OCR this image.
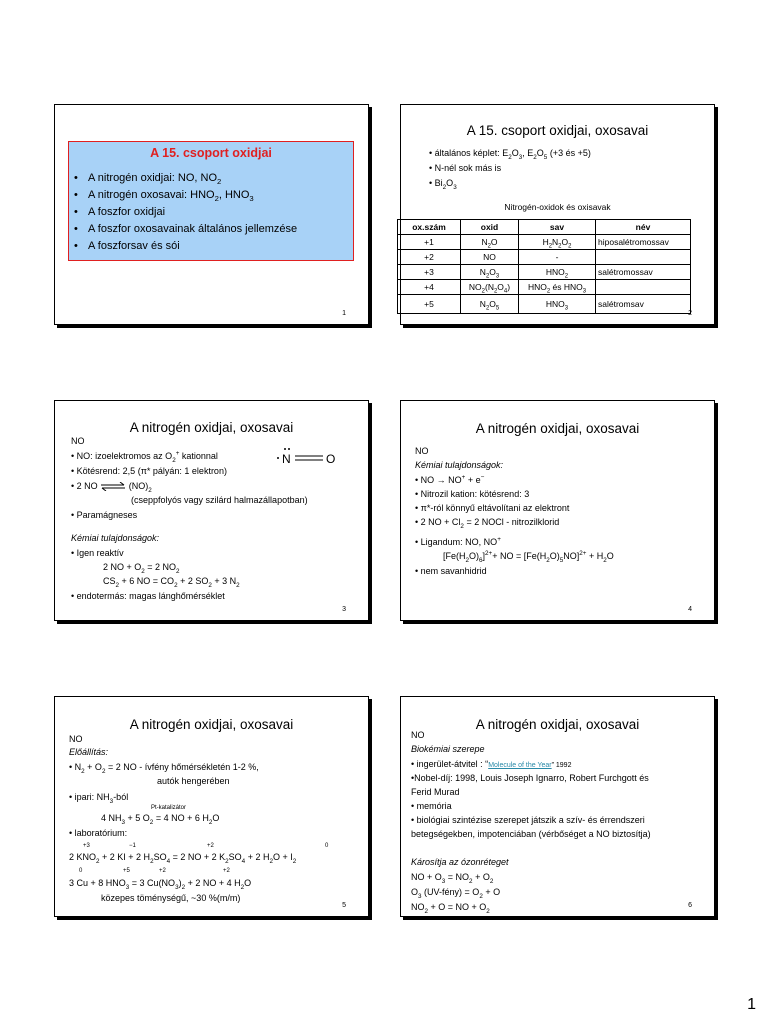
A 15. csoport oxidjai
• A nitrogén oxidjai: NO, $NO_2$
• A nitrogén oxosavai: $HNO_2$, $HNO_3$
• A foszfor oxidjai
• A foszfor oxosavainak általános jellemzése
• A foszforsav és sói
1
A 15. csoport oxidjai, oxosavai
• általános képlet: $E_2O_3$, $E_2O_5$ (+3 és +5)
• N-nél sok más is
• $Bi_2O_3$
Nitrogén-oxidok és oxisavak
ox.szám	oxid	sav	név
+1	$N_2O$	$H_2N_2O_2$	hiposalétromossav
+2	NO	-	
+3	$N_2O_3$	$HNO_2$	salétromossav
+4	$NO_2(N_2O_4)$	$HNO_2$ és $HNO_3$	
+5	$N_2O_5$	$HNO_3$	salétromsav
2
A nitrogén oxidjai, oxosavai
NO
• NO: izoelektromos az $O_2^+$ kationnal
• Kötésrend: 2,5 (π* pályán: 1 elektron)
• 2 NO ⇌ $(NO)_2$
(cseppfolyós vagy szilárd halmazállapotban)
• Paramágneses
Kémiai tulajdonságok:
• Igen reaktív
2 NO + $O_2 = 2$ $NO_2$
$CS_2 + 6$ NO = $CO_2 + 2$ $SO_2 + 3$ $N_2$
• endotermás: magas lánghőmérséklet
N	O
3
A nitrogén oxidjai, oxosavai
NO
Kémiai tulajdonságok:
• NO → NO+ + e−
• Nitrozil kation: kötésrend: 3
• π*-ról könnyű eltávolítani az elektront
• 2 NO + $Cl_2 = 2$ NOCl - nitrozilklorid
• Ligandum: NO, NO+
$[Fe(H_2O)_6]^{2+}+$ NO = $[Fe(H_2O)_5NO]^{2+} + H_2O$
• nem savanhidrid
4
A nitrogén oxidjai, oxosavai
NO
Előállítás:
• $N_2 + O_2 = 2$ NO - ívfény hőmérsékletén 1-2 %,
autók hengerében
• ipari: $NH_3$-ból
Pt-katalizátor
4 $NH_3 + 5$ $O_2 = 4$ NO + 6 $H_2O$
• laboratórium:
+3	−1	+2	0
2 $KNO_2 + 2$ KI + 2 $H_2SO_4 = 2$ NO + 2 $K_2SO_4 + 2$ $H_2O + I_2$
0	+5	+2	+2
3 Cu + 8 $HNO_3 = 3$ $Cu(NO_3)_2 + 2$ NO + 4 $H_2O$
közepes töménységű, ~30 %(m/m)
5
A nitrogén oxidjai, oxosavai
NO
Biokémiai szerepe
• ingerület-átvitel : “Molecule of the Year” 1992
•Nobel-díj: 1998, Louis Joseph Ignarro, Robert Furchgott és
Ferid Murad
• memória
• biológiai szintézise szerepet játszik a szív- és érrendszeri
betegségekben, impotenciában (vérbőséget a NO biztosítja)
Károsítja az ózonréteget
NO + $O_3 = NO_2 + O_2$
$O_3$ (UV-fény) = $O_2 + O$
$NO_2 + O$ = NO + $O_2$
6
1
